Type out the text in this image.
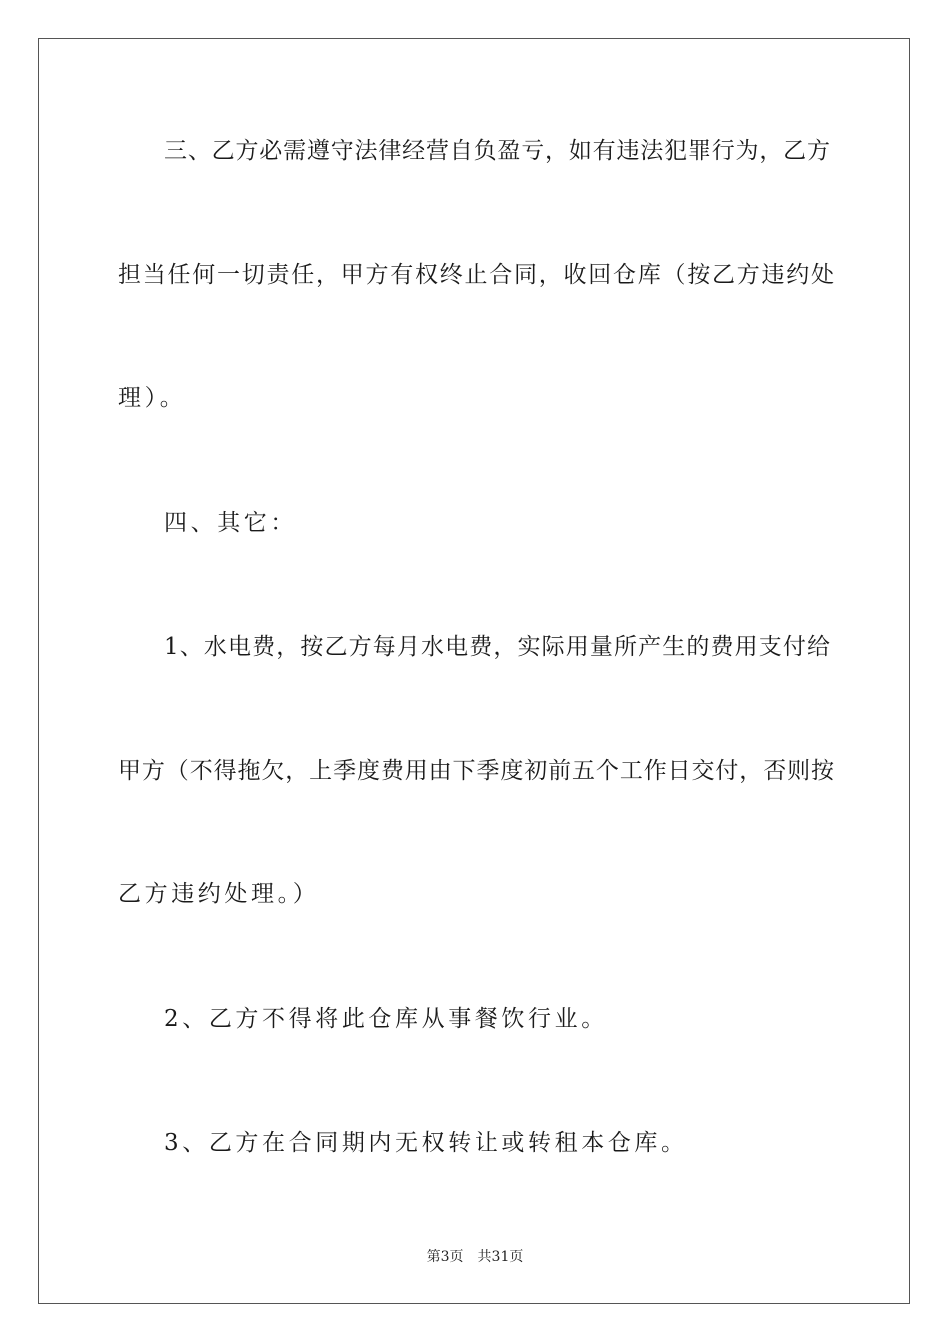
三、乙方必需遵守法律经营自负盈亏，如有违法犯罪行为，乙方
担当任何一切责任，甲方有权终止合同，收回仓库（按乙方违约处
理）。
四、其它：
1、水电费，按乙方每月水电费，实际用量所产生的费用支付给
甲方（不得拖欠，上季度费用由下季度初前五个工作日交付，否则按
乙方违约处理。）
2、乙方不得将此仓库从事餐饮行业。
3、乙方在合同期内无权转让或转租本仓库。
第3页 共31页
